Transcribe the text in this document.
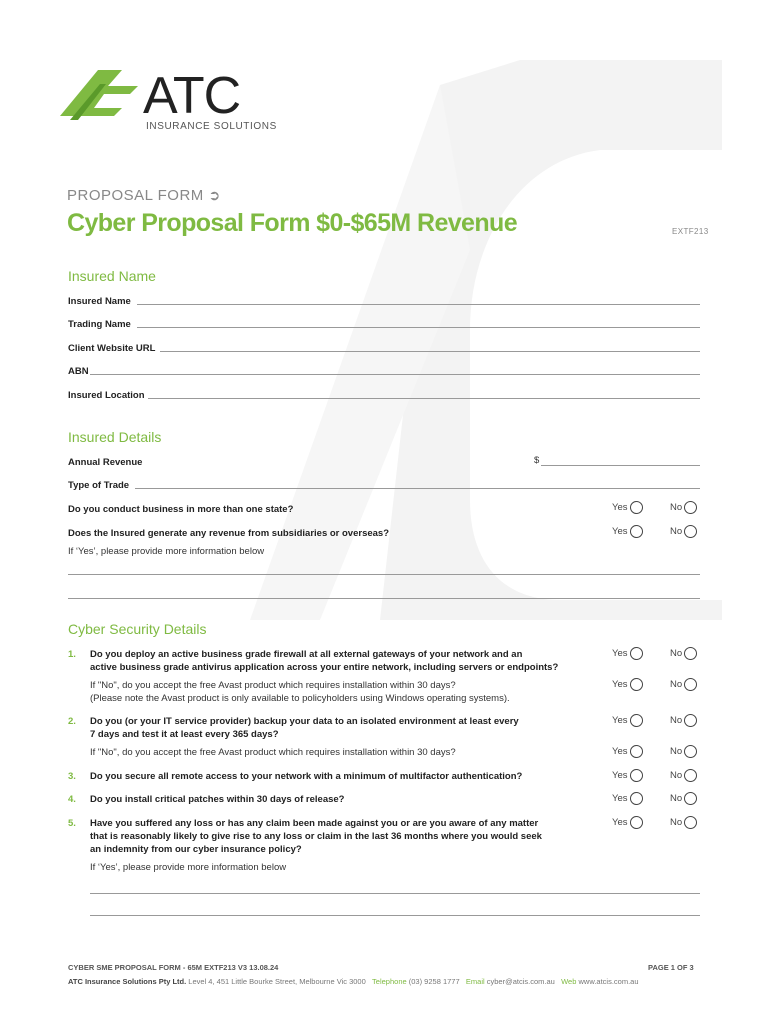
ATC
INSURANCE SOLUTIONS
PROPOSAL FORM ➲
Cyber Proposal Form $0-$65M Revenue	EXTF213
Insured Name
Insured Name
Trading Name
Client Website URL
ABN
Insured Location
Insured Details
Annual Revenue	$
Type of Trade
Do you conduct business in more than one state?	Yes	No
Does the Insured generate any revenue from subsidiaries or overseas?	Yes	No
If ‘Yes’, please provide more information below
Cyber Security Details
1. Do you deploy an active business grade firewall at all external gateways of your network and an
active business grade antivirus application across your entire network, including servers or endpoints?
Yes	No
If "No", do you accept the free Avast product which requires installation within 30 days?
(Please note the Avast product is only available to policyholders using Windows operating systems).
Yes	No
2. Do you (or your IT service provider) backup your data to an isolated environment at least every
7 days and test it at least every 365 days?
Yes	No
If "No", do you accept the free Avast product which requires installation within 30 days?	Yes	No
3. Do you secure all remote access to your network with a minimum of multifactor authentication?	Yes	No
4. Do you install critical patches within 30 days of release?	Yes	No
5. Have you suffered any loss or has any claim been made against you or are you aware of any matter
that is reasonably likely to give rise to any loss or claim in the last 36 months where you would seek
an indemnity from our cyber insurance policy?
Yes	No
If ‘Yes’, please provide more information below
CYBER SME PROPOSAL FORM - 65M EXTF213 V3 13.08.24	PAGE 1 OF 3
ATC Insurance Solutions Pty Ltd. Level 4, 451 Little Bourke Street, Melbourne Vic 3000 Telephone (03) 9258 1777 Email cyber@atcis.com.au Web www.atcis.com.au
